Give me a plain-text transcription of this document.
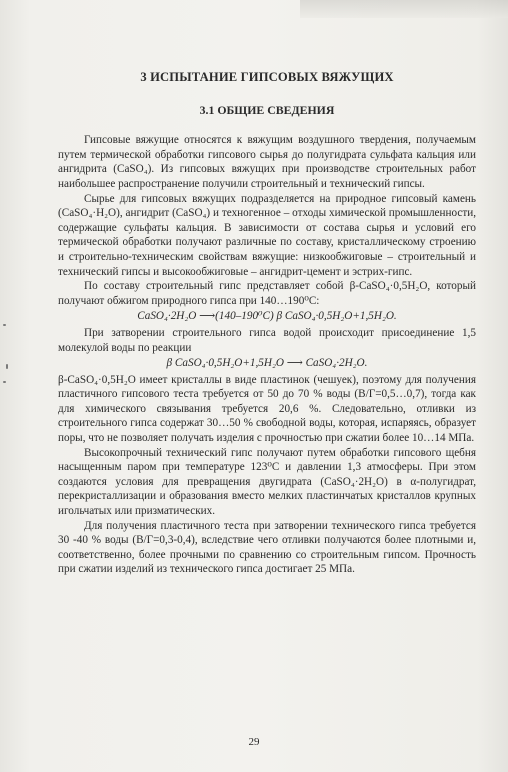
3 ИСПЫТАНИЕ ГИПСОВЫХ ВЯЖУЩИХ
3.1 ОБЩИЕ СВЕДЕНИЯ

Гипсовые вяжущие относятся к вяжущим воздушного твердения, получаемым путем термической обработки гипсового сырья до полугидрата сульфата кальция или ангидрита (CaSO₄). Из гипсовых вяжущих при производстве строительных работ наибольшее распространение получили строительный и технический гипсы.

Сырье для гипсовых вяжущих подразделяется на природное гипсовый камень (CaSO₄·H₂O), ангидрит (CaSO₄) и техногенное – отходы химической промышленности, содержащие сульфаты кальция. В зависимости от состава сырья и условий его термической обработки получают различные по составу, кристаллическому строению и строительно-техническим свойствам вяжущие: низкообжиговые – строительный и технический гипсы и высокообжиговые – ангидрит-цемент и эстрих-гипс.

По составу строительный гипс представляет собой β-CaSO₄·0,5H₂O, который получают обжигом природного гипса при 140…190⁰С:

CaSO₄·2H₂O ⟶(140–190⁰C) β CaSO₄·0,5H₂O+1,5H₂O.

При затворении строительного гипса водой происходит присоединение 1,5 молекулой воды по реакции

β CaSO₄·0,5H₂O+1,5H₂O ⟶ CaSO₄·2H₂O.

β-CaSO₄·0,5H₂O имеет кристаллы в виде пластинок (чешуек), поэтому для получения пластичного гипсового теста требуется от 50 до 70 % воды (В/Г=0,5…0,7), тогда как для химического связывания требуется 20,6 %. Следовательно, отливки из строительного гипса содержат 30…50 % свободной воды, которая, испаряясь, образует поры, что не позволяет получать изделия с прочностью при сжатии более 10…14 МПа.

Высокопрочный технический гипс получают путем обработки гипсового щебня насыщенным паром при температуре 123⁰С и давлении 1,3 атмосферы. При этом создаются условия для превращения двугидрата (CaSO₄·2H₂O) в α-полугидрат, перекристаллизации и образования вместо мелких пластинчатых кристаллов крупных игольчатых или призматических.

Для получения пластичного теста при затворении технического гипса требуется 30 -40 % воды (В/Г=0,3-0,4), вследствие чего отливки получаются более плотными и, соответственно, более прочными по сравнению со строительным гипсом. Прочность при сжатии изделий из технического гипса достигает 25 МПа.

29
